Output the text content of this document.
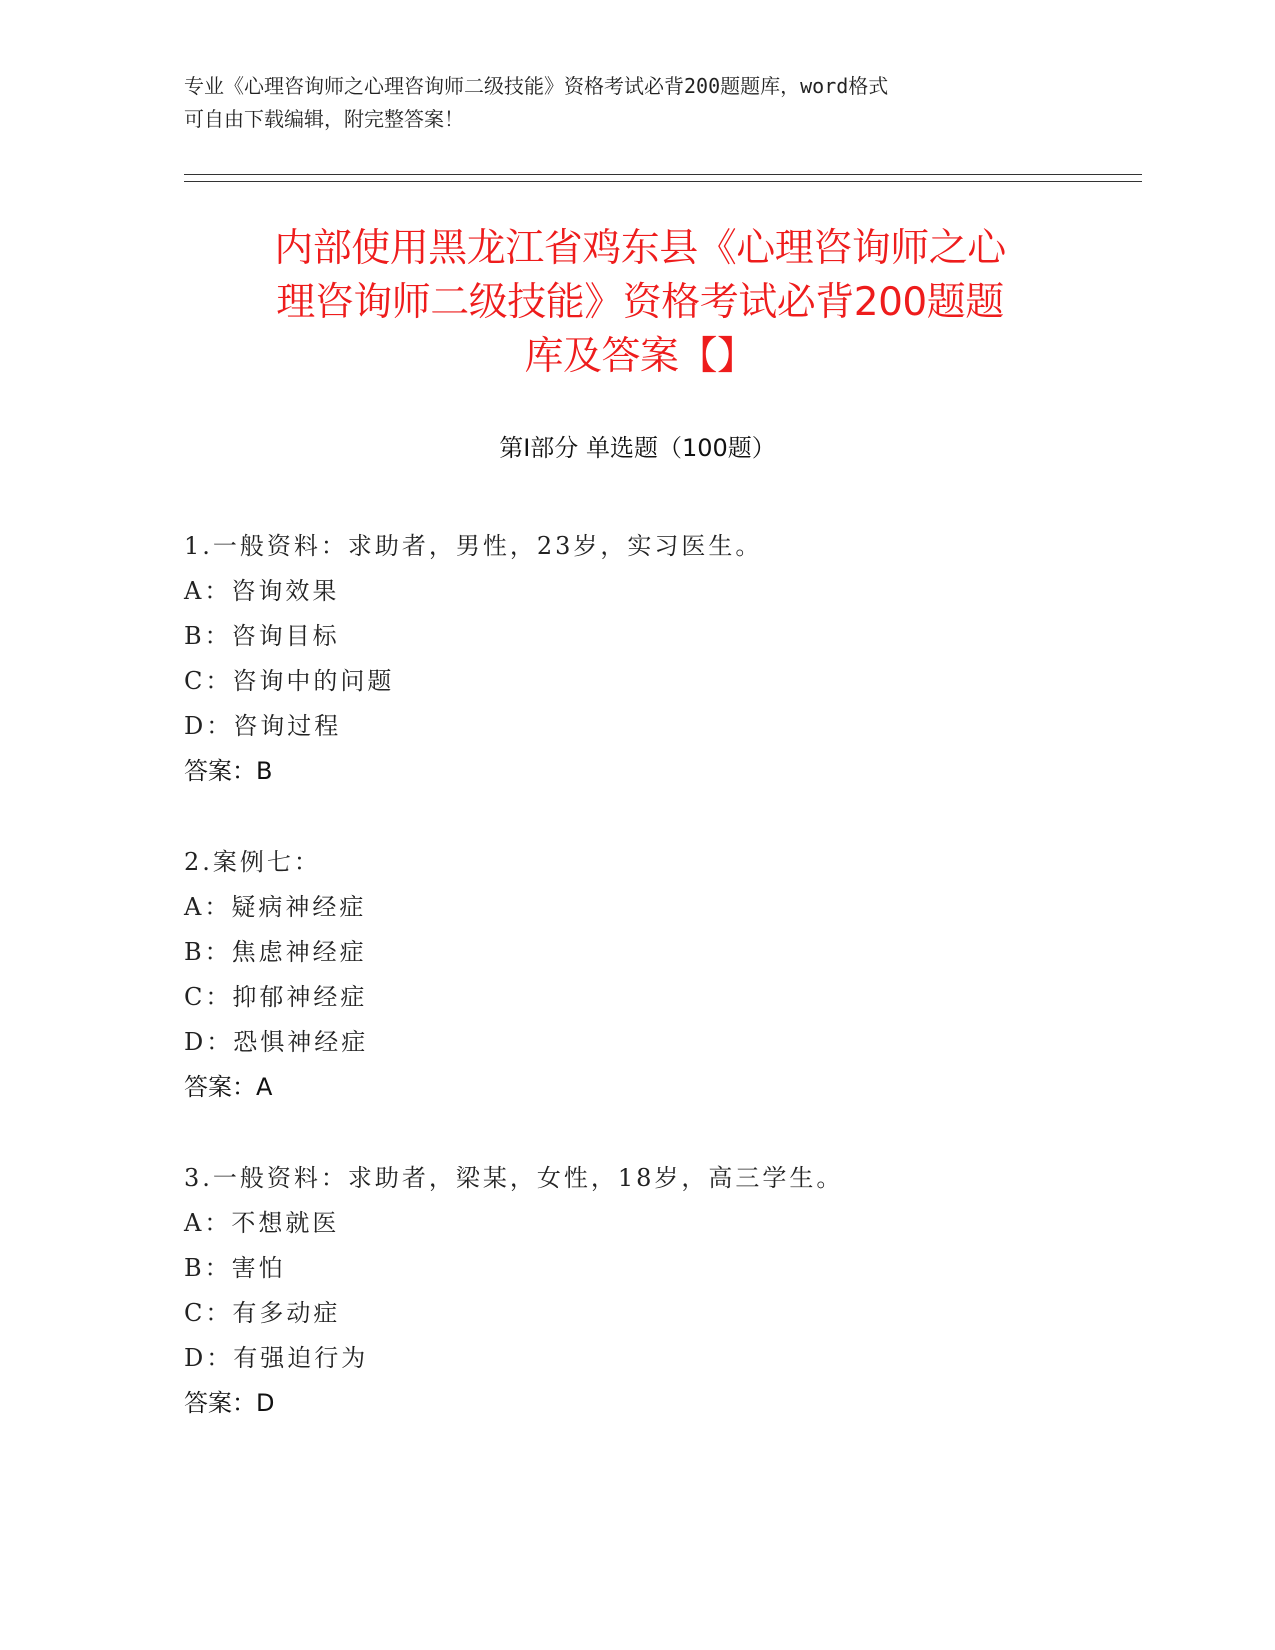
专业《心理咨询师之心理咨询师二级技能》资格考试必背200题题库，word格式
可自由下载编辑，附完整答案！
内部使用黑龙江省鸡东县《心理咨询师之心
理咨询师二级技能》资格考试必背200题题
库及答案【】
第Ⅰ部分 单选题（100题）
1.一般资料：求助者，男性，23岁，实习医生。
A：咨询效果
B：咨询目标
C：咨询中的问题
D：咨询过程
答案：B
2.案例七：
A：疑病神经症
B：焦虑神经症
C：抑郁神经症
D：恐惧神经症
答案：A
3.一般资料：求助者，梁某，女性，18岁，高三学生。
A：不想就医
B：害怕
C：有多动症
D：有强迫行为
答案：D
